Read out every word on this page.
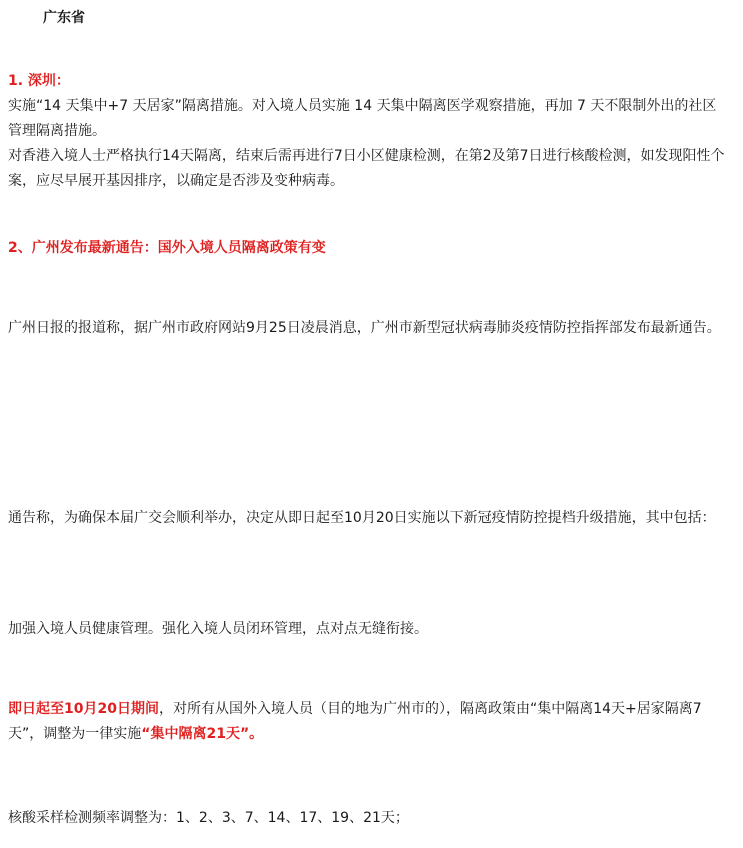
广东省

1. 深圳：

实施“14 天集中+7 天居家”隔离措施。对入境人员实施 14 天集中隔离医学观察措施，再加 7 天不限制外出的社区管理隔离措施。

对香港入境人士严格执行14天隔离，结束后需再进行7日小区健康检测，在第2及第7日进行核酸检测，如发现阳性个案，应尽早展开基因排序，以确定是否涉及变种病毒。

2、广州发布最新通告：国外入境人员隔离政策有变

广州日报的报道称，据广州市政府网站9月25日凌晨消息，广州市新型冠状病毒肺炎疫情防控指挥部发布最新通告。

通告称，为确保本届广交会顺利举办，决定从即日起至10月20日实施以下新冠疫情防控提档升级措施，其中包括：

加强入境人员健康管理。强化入境人员闭环管理，点对点无缝衔接。

即日起至10月20日期间，对所有从国外入境人员（目的地为广州市的），隔离政策由“集中隔离14天+居家隔离7天”，调整为一律实施“集中隔离21天”。

核酸采样检测频率调整为：1、2、3、7、14、17、19、21天；
